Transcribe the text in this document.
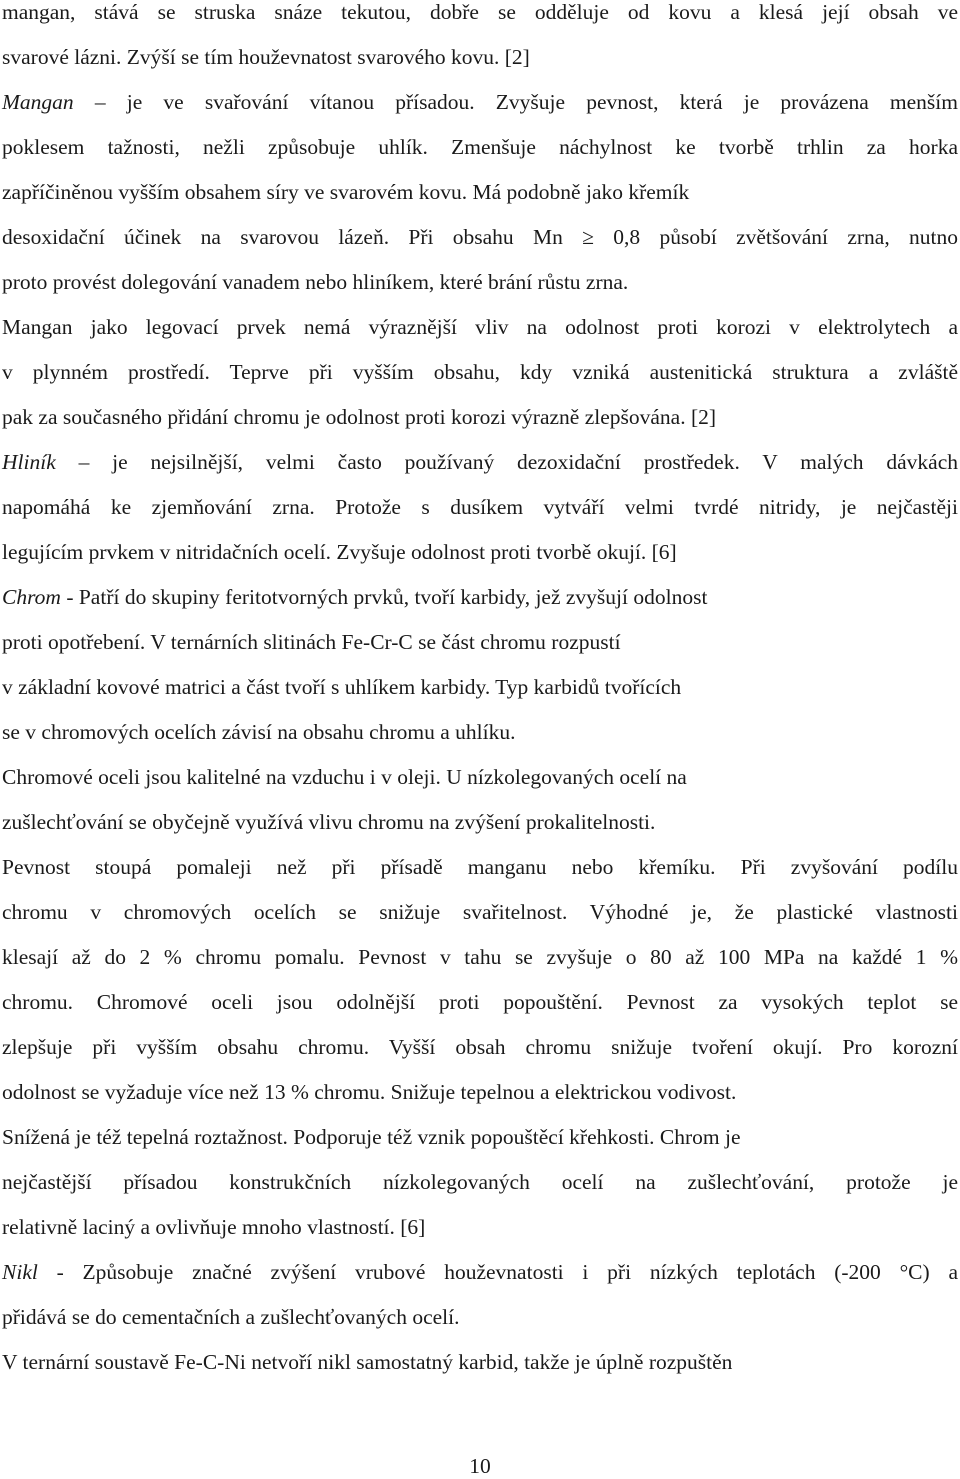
mangan, stává se struska snáze tekutou, dobře se odděluje od kovu a klesá její obsah ve
svarové lázni. Zvýší se tím houževnatost svarového kovu. [2]
Mangan – je ve svařování vítanou přísadou. Zvyšuje pevnost, která je provázena menším
poklesem tažnosti, nežli způsobuje uhlík. Zmenšuje náchylnost ke tvorbě trhlin za horka
zapříčiněnou vyšším obsahem síry ve svarovém kovu. Má podobně jako křemík
desoxidační účinek na svarovou lázeň. Při obsahu Mn ≥ 0,8 působí zvětšování zrna, nutno
proto provést dolegování vanadem nebo hliníkem, které brání růstu zrna.
Mangan jako legovací prvek nemá výraznější vliv na odolnost proti korozi v elektrolytech a
v plynném prostředí. Teprve při vyšším obsahu, kdy vzniká austenitická struktura a zvláště
pak za současného přidání chromu je odolnost proti korozi výrazně zlepšována. [2]
Hliník – je nejsilnější, velmi často používaný dezoxidační prostředek. V malých dávkách
napomáhá ke zjemňování zrna. Protože s dusíkem vytváří velmi tvrdé nitridy, je nejčastěji
legujícím prvkem v nitridačních ocelí. Zvyšuje odolnost proti tvorbě okují. [6]
Chrom - Patří do skupiny feritotvorných prvků, tvoří karbidy, jež zvyšují odolnost
proti opotřebení. V ternárních slitinách Fe-Cr-C se část chromu rozpustí
v základní kovové matrici a část tvoří s uhlíkem karbidy. Typ karbidů tvořících
se v chromových ocelích závisí na obsahu chromu a uhlíku.
Chromové oceli jsou kalitelné na vzduchu i v oleji. U nízkolegovaných ocelí na
zušlechťování se obyčejně využívá vlivu chromu na zvýšení prokalitelnosti.
Pevnost stoupá pomaleji než při přísadě manganu nebo křemíku. Při zvyšování podílu
chromu v chromových ocelích se snižuje svařitelnost. Výhodné je, že plastické vlastnosti
klesají až do 2 % chromu pomalu. Pevnost v tahu se zvyšuje o 80 až 100 MPa na každé 1 %
chromu. Chromové oceli jsou odolnější proti popouštění. Pevnost za vysokých teplot se
zlepšuje při vyšším obsahu chromu. Vyšší obsah chromu snižuje tvoření okují. Pro korozní
odolnost se vyžaduje více než 13 % chromu. Snižuje tepelnou a elektrickou vodivost.
Snížená je též tepelná roztažnost. Podporuje též vznik popouštěcí křehkosti. Chrom je
nejčastější přísadou konstrukčních nízkolegovaných ocelí na zušlechťování, protože je
relativně laciný a ovlivňuje mnoho vlastností. [6]
Nikl - Způsobuje značné zvýšení vrubové houževnatosti i při nízkých teplotách (-200 °C) a
přidává se do cementačních a zušlechťovaných ocelí.
V ternární soustavě Fe-C-Ni netvoří nikl samostatný karbid, takže je úplně rozpuštěn
10
